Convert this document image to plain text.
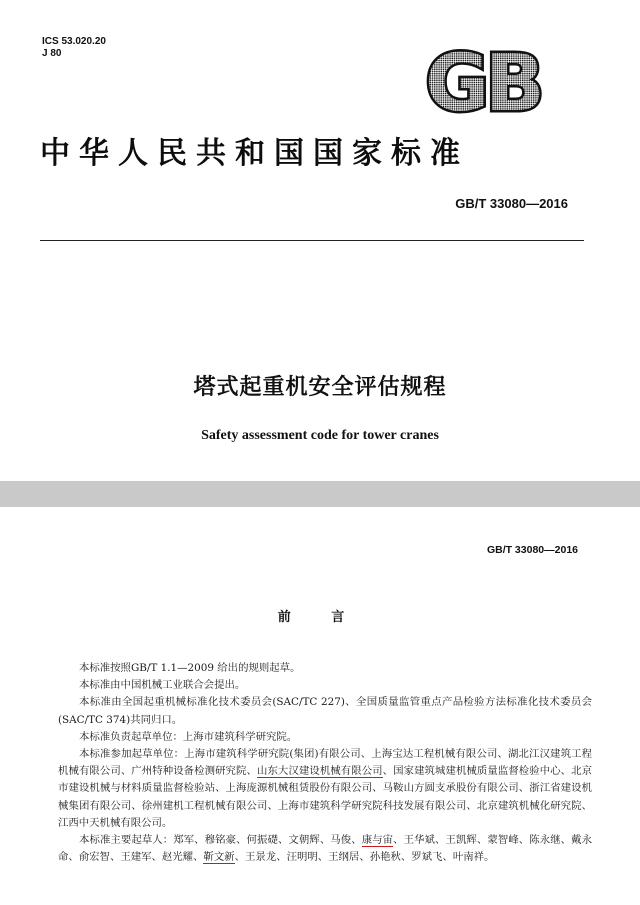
ICS 53.020.20
J 80	GB
中华人民共和国国家标准
GB/T 33080—2016
塔式起重机安全评估规程
Safety assessment code for tower cranes
GB/T 33080—2016
前 言

本标准按照GB/T 1.1—2009 给出的规则起草。

本标准由中国机械工业联合会提出。

本标准由全国起重机械标准化技术委员会(SAC/TC 227)、全国质量监管重点产品检验方法标准化技术委员会(SAC/TC 374)共同归口。

本标准负责起草单位：上海市建筑科学研究院。

本标准参加起草单位：上海市建筑科学研究院(集团)有限公司、上海宝达工程机械有限公司、湖北江汉建筑工程机械有限公司、广州特种设备检测研究院、山东大汉建设机械有限公司、国家建筑城建机械质量监督检验中心、北京市建设机械与材料质量监督检验站、上海庞源机械租赁股份有限公司、马鞍山方圆支承股份有限公司、浙江省建设机械集团有限公司、徐州建机工程机械有限公司、上海市建筑科学研究院科技发展有限公司、北京建筑机械化研究院、江西中天机械有限公司。

本标准主要起草人：郑军、穆铭豪、何振礎、文朝辉、马俊、康与宙、王华斌、王凯辉、蒙智峰、陈永继、戴永命、俞宏智、王建军、赵光耀、靳文新、王景龙、汪明明、王纲居、孙艳秋、罗斌飞、叶南祥。
